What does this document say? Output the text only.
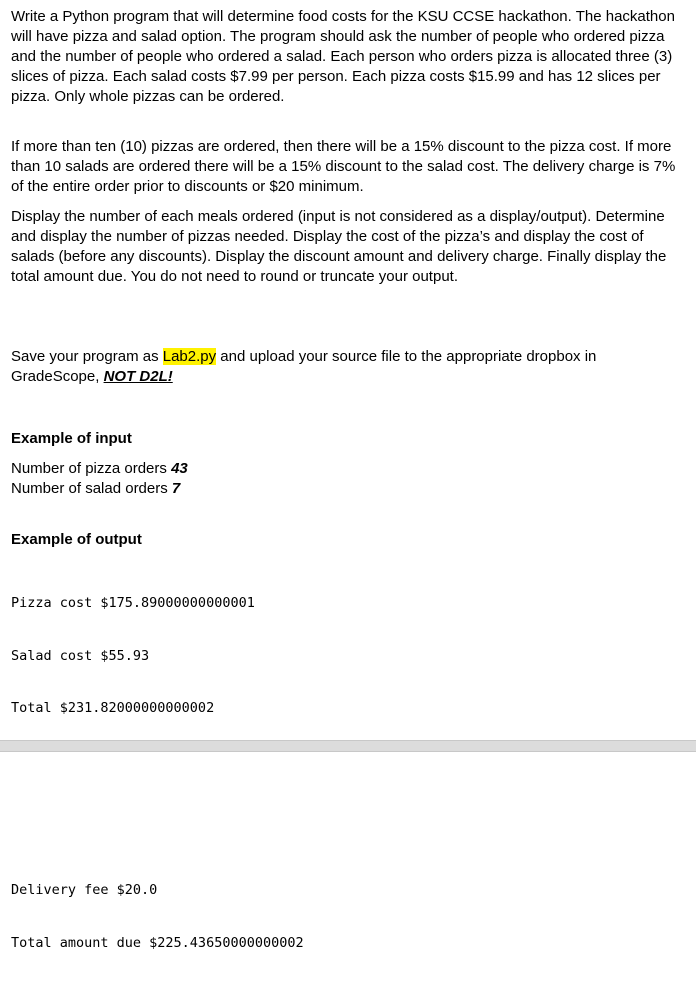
Write a Python program that will determine food costs for the KSU CCSE hackathon. The hackathon will have pizza and salad option. The program should ask the number of people who ordered pizza and the number of people who ordered a salad. Each person who orders pizza is allocated three (3) slices of pizza. Each salad costs $7.99 per person. Each pizza costs $15.99 and has 12 slices per pizza. Only whole pizzas can be ordered.

If more than ten (10) pizzas are ordered, then there will be a 15% discount to the pizza cost. If more than 10 salads are ordered there will be a 15% discount to the salad cost. The delivery charge is 7% of the entire order prior to discounts or $20 minimum.

Display the number of each meals ordered (input is not considered as a display/output). Determine and display the number of pizzas needed. Display the cost of the pizza’s and display the cost of salads (before any discounts). Display the discount amount and delivery charge. Finally display the total amount due. You do not need to round or truncate your output.

Save your program as Lab2.py and upload your source file to the appropriate dropbox in GradeScope, NOT D2L!

Example of input

Number of pizza orders 43
Number of salad orders 7

Example of output

Pizza cost $175.89000000000001

Salad cost $55.93

Total $231.82000000000002

Delivery fee $20.0

Total amount due $225.43650000000002
